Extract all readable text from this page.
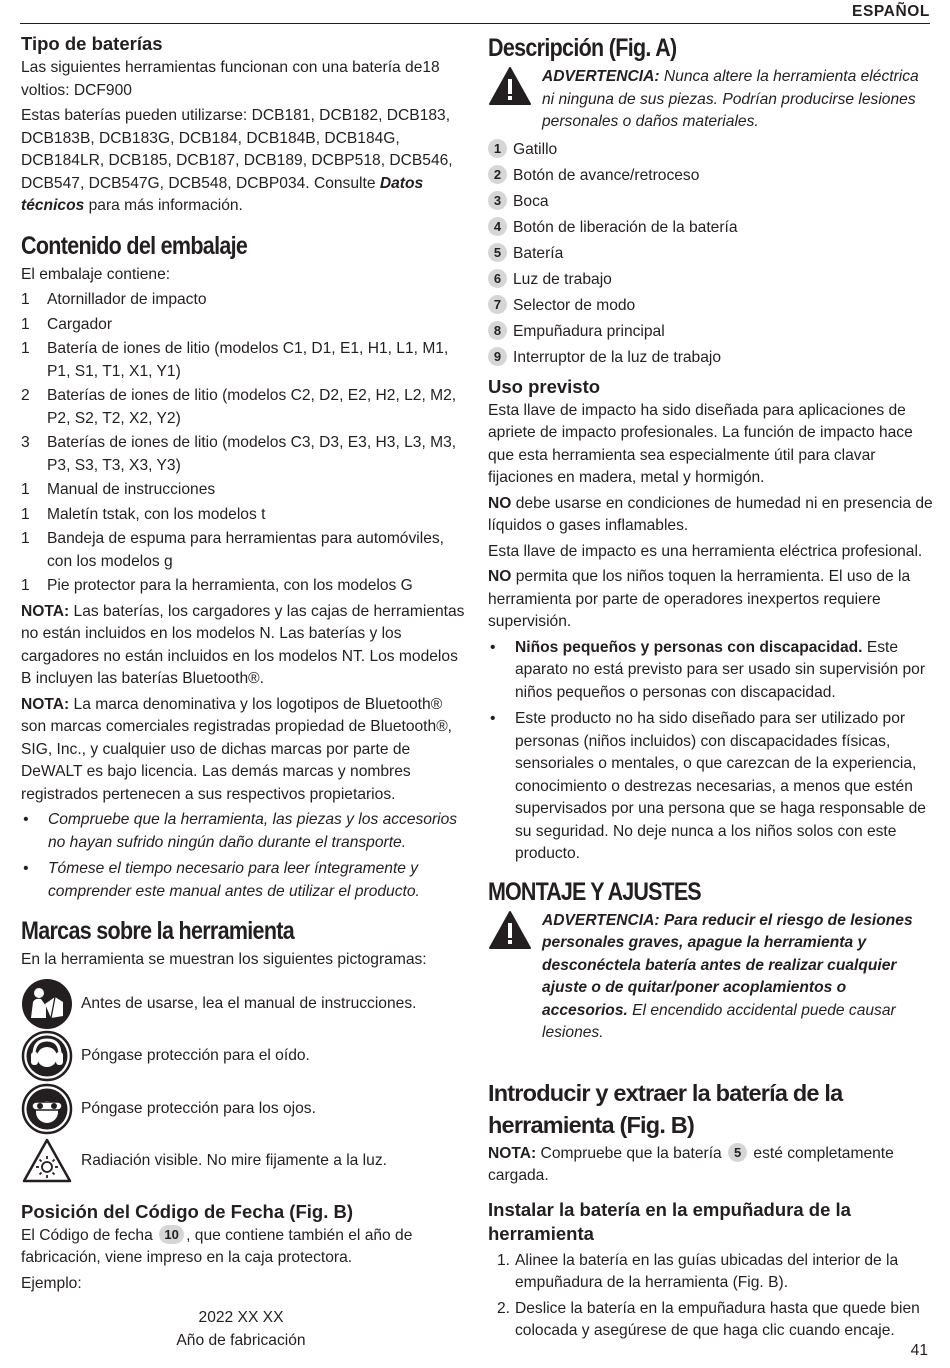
ESPAÑOL
Tipo de baterías

Las siguientes herramientas funcionan con una batería de18 voltios: DCF900

Estas baterías pueden utilizarse: DCB181, DCB182, DCB183, DCB183B, DCB183G, DCB184, DCB184B, DCB184G, DCB184LR, DCB185, DCB187, DCB189, DCBP518, DCB546, DCB547, DCB547G, DCB548, DCBP034. Consulte Datos técnicos para más información.

Contenido del embalaje

El embalaje contiene:

1 Atornillador de impacto
1 Cargador
1 Batería de iones de litio (modelos C1, D1, E1, H1, L1, M1, P1, S1, T1, X1, Y1)
2 Baterías de iones de litio (modelos C2, D2, E2, H2, L2, M2, P2, S2, T2, X2, Y2)
3 Baterías de iones de litio (modelos C3, D3, E3, H3, L3, M3, P3, S3, T3, X3, Y3)
1 Manual de instrucciones
1 Maletín tstak, con los modelos t
1 Bandeja de espuma para herramientas para automóviles, con los modelos g
1 Pie protector para la herramienta, con los modelos G

NOTA: Las baterías, los cargadores y las cajas de herramientas no están incluidos en los modelos N. Las baterías y los cargadores no están incluidos en los modelos NT. Los modelos B incluyen las baterías Bluetooth®.

NOTA: La marca denominativa y los logotipos de Bluetooth® son marcas comerciales registradas propiedad de Bluetooth®, SIG, Inc., y cualquier uso de dichas marcas por parte de DeWALT es bajo licencia. Las demás marcas y nombres registrados pertenecen a sus respectivos propietarios.

• Compruebe que la herramienta, las piezas y los accesorios no hayan sufrido ningún daño durante el transporte.
• Tómese el tiempo necesario para leer íntegramente y comprender este manual antes de utilizar el producto.
Marcas sobre la herramienta

En la herramienta se muestran los siguientes pictogramas:

Antes de usarse, lea el manual de instrucciones.
Póngase protección para el oído.
Póngase protección para los ojos.
Radiación visible. No mire fijamente a la luz.
Posición del Código de Fecha (Fig. B)

El Código de fecha 10 , que contiene también el año de fabricación, viene impreso en la caja protectora.

Ejemplo:

2022 XX XX
Año de fabricación
Descripción (Fig. A)
ADVERTENCIA: Nunca altere la herramienta eléctrica ni ninguna de sus piezas. Podrían producirse lesiones personales o daños materiales.
1 Gatillo
2 Botón de avance/retroceso
3 Boca
4 Botón de liberación de la batería
5 Batería
6 Luz de trabajo
7 Selector de modo
8 Empuñadura principal
9 Interruptor de la luz de trabajo
Uso previsto

Esta llave de impacto ha sido diseñada para aplicaciones de apriete de impacto profesionales. La función de impacto hace que esta herramienta sea especialmente útil para clavar fijaciones en madera, metal y hormigón.

NO debe usarse en condiciones de humedad ni en presencia de líquidos o gases inflamables.

Esta llave de impacto es una herramienta eléctrica profesional.

NO permita que los niños toquen la herramienta. El uso de la herramienta por parte de operadores inexpertos requiere supervisión.

• Niños pequeños y personas con discapacidad. Este aparato no está previsto para ser usado sin supervisión por niños pequeños o personas con discapacidad.
• Este producto no ha sido diseñado para ser utilizado por personas (niños incluidos) con discapacidades físicas, sensoriales o mentales, o que carezcan de la experiencia, conocimiento o destrezas necesarias, a menos que estén supervisados por una persona que se haga responsable de su seguridad. No deje nunca a los niños solos con este producto.
MONTAJE Y AJUSTES
ADVERTENCIA: Para reducir el riesgo de lesiones personales graves, apague la herramienta y desconéctela batería antes de realizar cualquier ajuste o de quitar/poner acoplamientos o accesorios. El encendido accidental puede causar lesiones.
Introducir y extraer la batería de la herramienta (Fig. B)

NOTA: Compruebe que la batería 5 esté completamente cargada.

Instalar la batería en la empuñadura de la herramienta
1. Alinee la batería en las guías ubicadas del interior de la empuñadura de la herramienta (Fig. B).
2. Deslice la batería en la empuñadura hasta que quede bien colocada y asegúrese de que haga clic cuando encaje.
41
